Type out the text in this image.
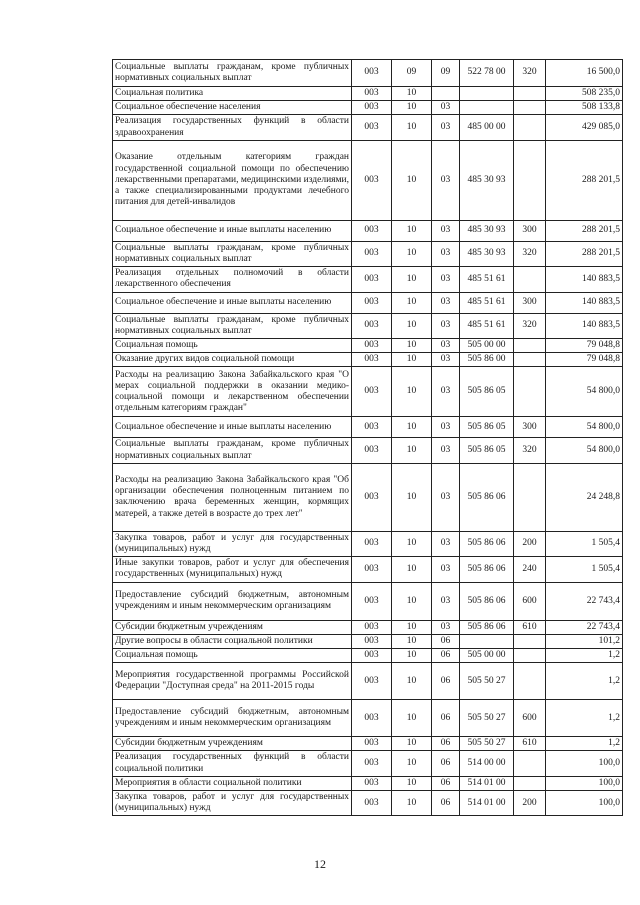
Социальные выплаты гражданам, кроме публичных нормативных социальных выплат	003	09	09	522 78 00	320	16 500,0
Социальная политика	003	10				508 235,0
Социальное обеспечение населения	003	10	03			508 133,8
Реализация государственных функций в области здравоохранения	003	10	03	485 00 00		429 085,0
Оказание отдельным категориям граждан государственной социальной помощи по обеспечению лекарственными препаратами, медицинскими изделиями, а также специализированными продуктами лечебного питания для детей-инвалидов	003	10	03	485 30 93		288 201,5
Социальное обеспечение и иные выплаты населению	003	10	03	485 30 93	300	288 201,5
Социальные выплаты гражданам, кроме публичных нормативных социальных выплат	003	10	03	485 30 93	320	288 201,5
Реализация отдельных полномочий в области лекарственного обеспечения	003	10	03	485 51 61		140 883,5
Социальное обеспечение и иные выплаты населению	003	10	03	485 51 61	300	140 883,5
Социальные выплаты гражданам, кроме публичных нормативных социальных выплат	003	10	03	485 51 61	320	140 883,5
Социальная помощь	003	10	03	505 00 00		79 048,8
Оказание других видов социальной помощи	003	10	03	505 86 00		79 048,8
Расходы на реализацию Закона Забайкальского края "О мерах социальной поддержки в оказании медико-социальной помощи и лекарственном обеспечении отдельным категориям граждан"	003	10	03	505 86 05		54 800,0
Социальное обеспечение и иные выплаты населению	003	10	03	505 86 05	300	54 800,0
Социальные выплаты гражданам, кроме публичных нормативных социальных выплат	003	10	03	505 86 05	320	54 800,0
Расходы на реализацию Закона Забайкальского края "Об организации обеспечения полноценным питанием по заключению врача беременных женщин, кормящих матерей, а также детей в возрасте до трех лет"	003	10	03	505 86 06		24 248,8
Закупка товаров, работ и услуг для государственных (муниципальных) нужд	003	10	03	505 86 06	200	1 505,4
Иные закупки товаров, работ и услуг для обеспечения государственных (муниципальных) нужд	003	10	03	505 86 06	240	1 505,4
Предоставление субсидий бюджетным, автономным учреждениям и иным некоммерческим организациям	003	10	03	505 86 06	600	22 743,4
Субсидии бюджетным учреждениям	003	10	03	505 86 06	610	22 743,4
Другие вопросы в области социальной политики	003	10	06			101,2
Социальная помощь	003	10	06	505 00 00		1,2
Мероприятия государственной программы Российской Федерации "Доступная среда" на 2011-2015 годы	003	10	06	505 50 27		1,2
Предоставление субсидий бюджетным, автономным учреждениям и иным некоммерческим организациям	003	10	06	505 50 27	600	1,2
Субсидии бюджетным учреждениям	003	10	06	505 50 27	610	1,2
Реализация государственных функций в области социальной политики	003	10	06	514 00 00		100,0
Мероприятия в области социальной политики	003	10	06	514 01 00		100,0
Закупка товаров, работ и услуг для государственных (муниципальных) нужд	003	10	06	514 01 00	200	100,0
12
